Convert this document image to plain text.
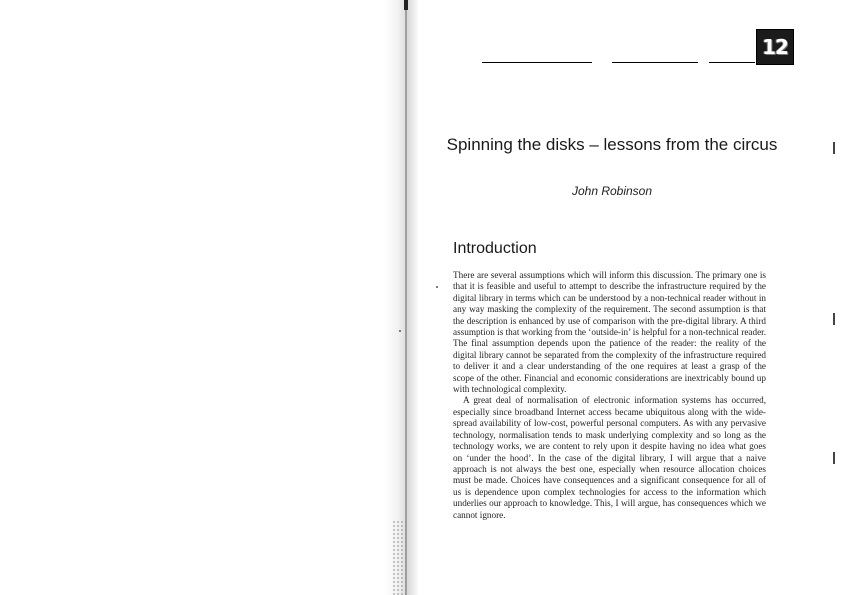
12
Spinning the disks – lessons from the circus
John Robinson
Introduction

There are several assumptions which will inform this discussion. The primary one is that it is feasible and useful to attempt to describe the infrastructure required by the digital library in terms which can be understood by a non-technical reader without in any way masking the complexity of the requirement. The second assumption is that the description is enhanced by use of comparison with the pre-digital library. A third assumption is that working from the ‘outside-in’ is helpful for a non-technical reader. The final assumption depends upon the patience of the reader: the reality of the digital library cannot be separated from the complexity of the infrastructure required to deliver it and a clear understanding of the one requires at least a grasp of the scope of the other. Financial and economic considerations are inextricably bound up with technological complexity.

A great deal of normalisation of electronic information systems has occurred, especially since broadband Internet access became ubiquitous along with the wide-spread availability of low-cost, powerful personal computers. As with any pervasive technology, normalisation tends to mask underlying complexity and so long as the technology works, we are content to rely upon it despite having no idea what goes on ‘under the hood’. In the case of the digital library, I will argue that a naive approach is not always the best one, especially when resource allocation choices must be made. Choices have consequences and a significant consequence for all of us is dependence upon complex technologies for access to the information which underlies our approach to knowledge. This, I will argue, has consequences which we cannot ignore.
